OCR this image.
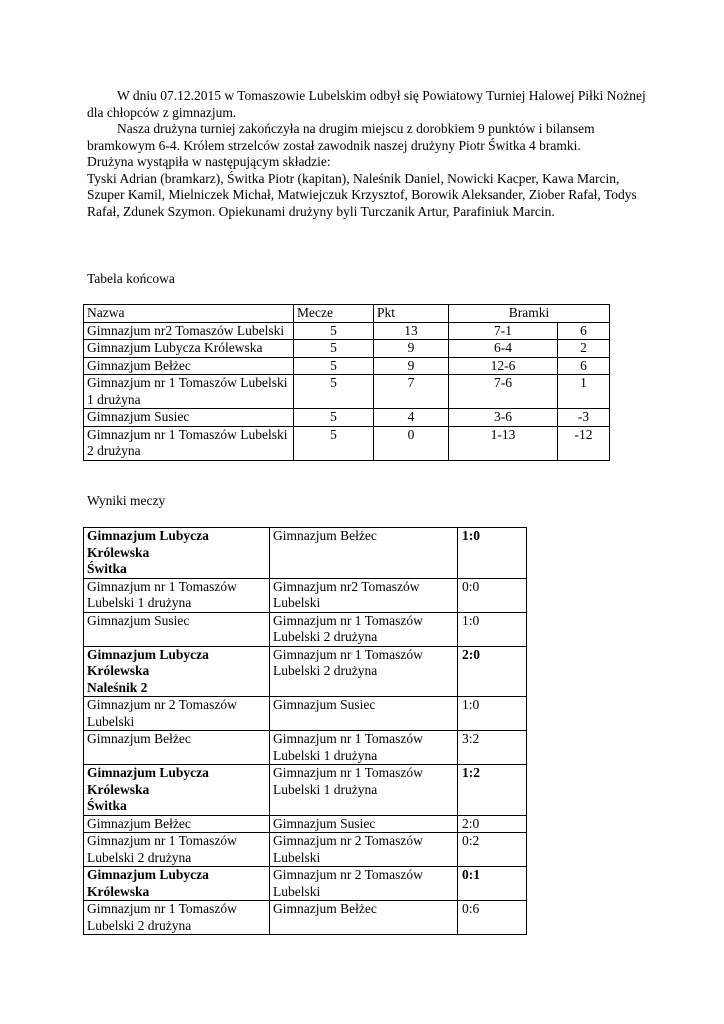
W dniu 07.12.2015 w Tomaszowie Lubelskim odbył się Powiatowy Turniej Halowej Piłki Nożnej dla chłopców z gimnazjum.

Nasza drużyna turniej zakończyła na drugim miejscu z dorobkiem 9 punktów i bilansem bramkowym 6-4. Królem strzelców został zawodnik naszej drużyny Piotr Świtka 4 bramki.

Drużyna wystąpiła w następującym składzie:

Tyski Adrian (bramkarz), Świtka Piotr (kapitan), Naleśnik Daniel, Nowicki Kacper, Kawa Marcin, Szuper Kamil, Mielniczek Michał, Matwiejczuk Krzysztof, Borowik Aleksander, Ziober Rafał, Todys Rafał, Zdunek Szymon. Opiekunami drużyny byli Turczanik Artur, Parafiniuk Marcin.

Tabela końcowa

Nazwa	Mecze	Pkt	Bramki	
Gimnazjum nr2 Tomaszów Lubelski	5	13	7-1	6
Gimnazjum Lubycza Królewska	5	9	6-4	2
Gimnazjum Bełżec	5	9	12-6	6
Gimnazjum nr 1 Tomaszów Lubelski 1 drużyna	5	7	7-6	1
Gimnazjum Susiec	5	4	3-6	-3
Gimnazjum nr 1 Tomaszów Lubelski 2 drużyna	5	0	1-13	-12

Wyniki meczy

Gimnazjum Lubycza Królewska
Świtka	Gimnazjum Bełżec	1:0

Gimnazjum nr 1 Tomaszów Lubelski 1 drużyna	Gimnazjum nr2 Tomaszów Lubelski	0:0

Gimnazjum Susiec	Gimnazjum nr 1 Tomaszów Lubelski 2 drużyna	1:0

Gimnazjum Lubycza Królewska
Naleśnik 2	Gimnazjum nr 1 Tomaszów Lubelski 2 drużyna	2:0

Gimnazjum nr 2 Tomaszów Lubelski	Gimnazjum Susiec	1:0

Gimnazjum Bełżec	Gimnazjum nr 1 Tomaszów Lubelski 1 drużyna	3:2

Gimnazjum Lubycza Królewska
Świtka	Gimnazjum nr 1 Tomaszów Lubelski 1 drużyna	1:2

Gimnazjum Bełżec	Gimnazjum Susiec	2:0

Gimnazjum nr 1 Tomaszów Lubelski 2 drużyna	Gimnazjum nr 2 Tomaszów Lubelski	0:2

Gimnazjum Lubycza Królewska	Gimnazjum nr 2 Tomaszów Lubelski	0:1

Gimnazjum nr 1 Tomaszów Lubelski 2 drużyna	Gimnazjum Bełżec	0:6
